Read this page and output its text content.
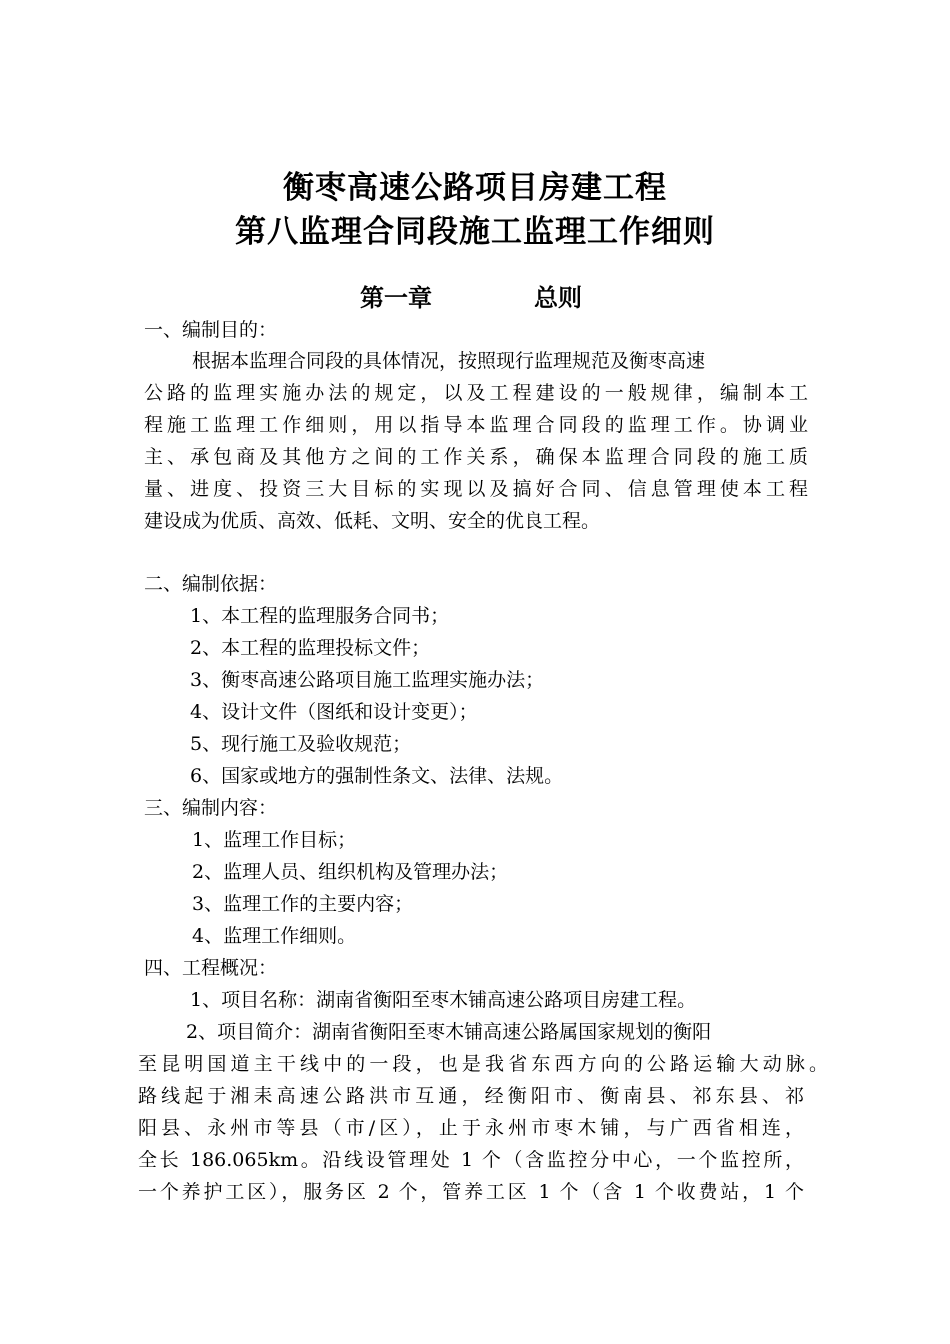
衡枣高速公路项目房建工程
第八监理合同段施工监理工作细则
第一章	总则
一、编制目的：
根据本监理合同段的具体情况，按照现行监理规范及衡枣高速
公路的监理实施办法的规定，以及工程建设的一般规律，编制本工
程施工监理工作细则，用以指导本监理合同段的监理工作。协调业
主、承包商及其他方之间的工作关系，确保本监理合同段的施工质
量、进度、投资三大目标的实现以及搞好合同、信息管理使本工程
建设成为优质、高效、低耗、文明、安全的优良工程。
二、编制依据：
1、本工程的监理服务合同书；
2、本工程的监理投标文件；
3、衡枣高速公路项目施工监理实施办法；
4、设计文件（图纸和设计变更）；
5、现行施工及验收规范；
6、国家或地方的强制性条文、法律、法规。
三、编制内容：
1、监理工作目标；
2、监理人员、组织机构及管理办法；
3、监理工作的主要内容；
4、监理工作细则。
四、工程概况：
1、项目名称：湖南省衡阳至枣木铺高速公路项目房建工程。
2、项目简介：湖南省衡阳至枣木铺高速公路属国家规划的衡阳
至昆明国道主干线中的一段，也是我省东西方向的公路运输大动脉。
路线起于湘耒高速公路洪市互通，经衡阳市、衡南县、祁东县、祁
阳县、永州市等县（市/区），止于永州市枣木铺，与广西省相连，
全长 186.065km。沿线设管理处 1 个（含监控分中心，一个监控所，
一个养护工区），服务区 2 个，管养工区 1 个（含 1 个收费站，1 个
